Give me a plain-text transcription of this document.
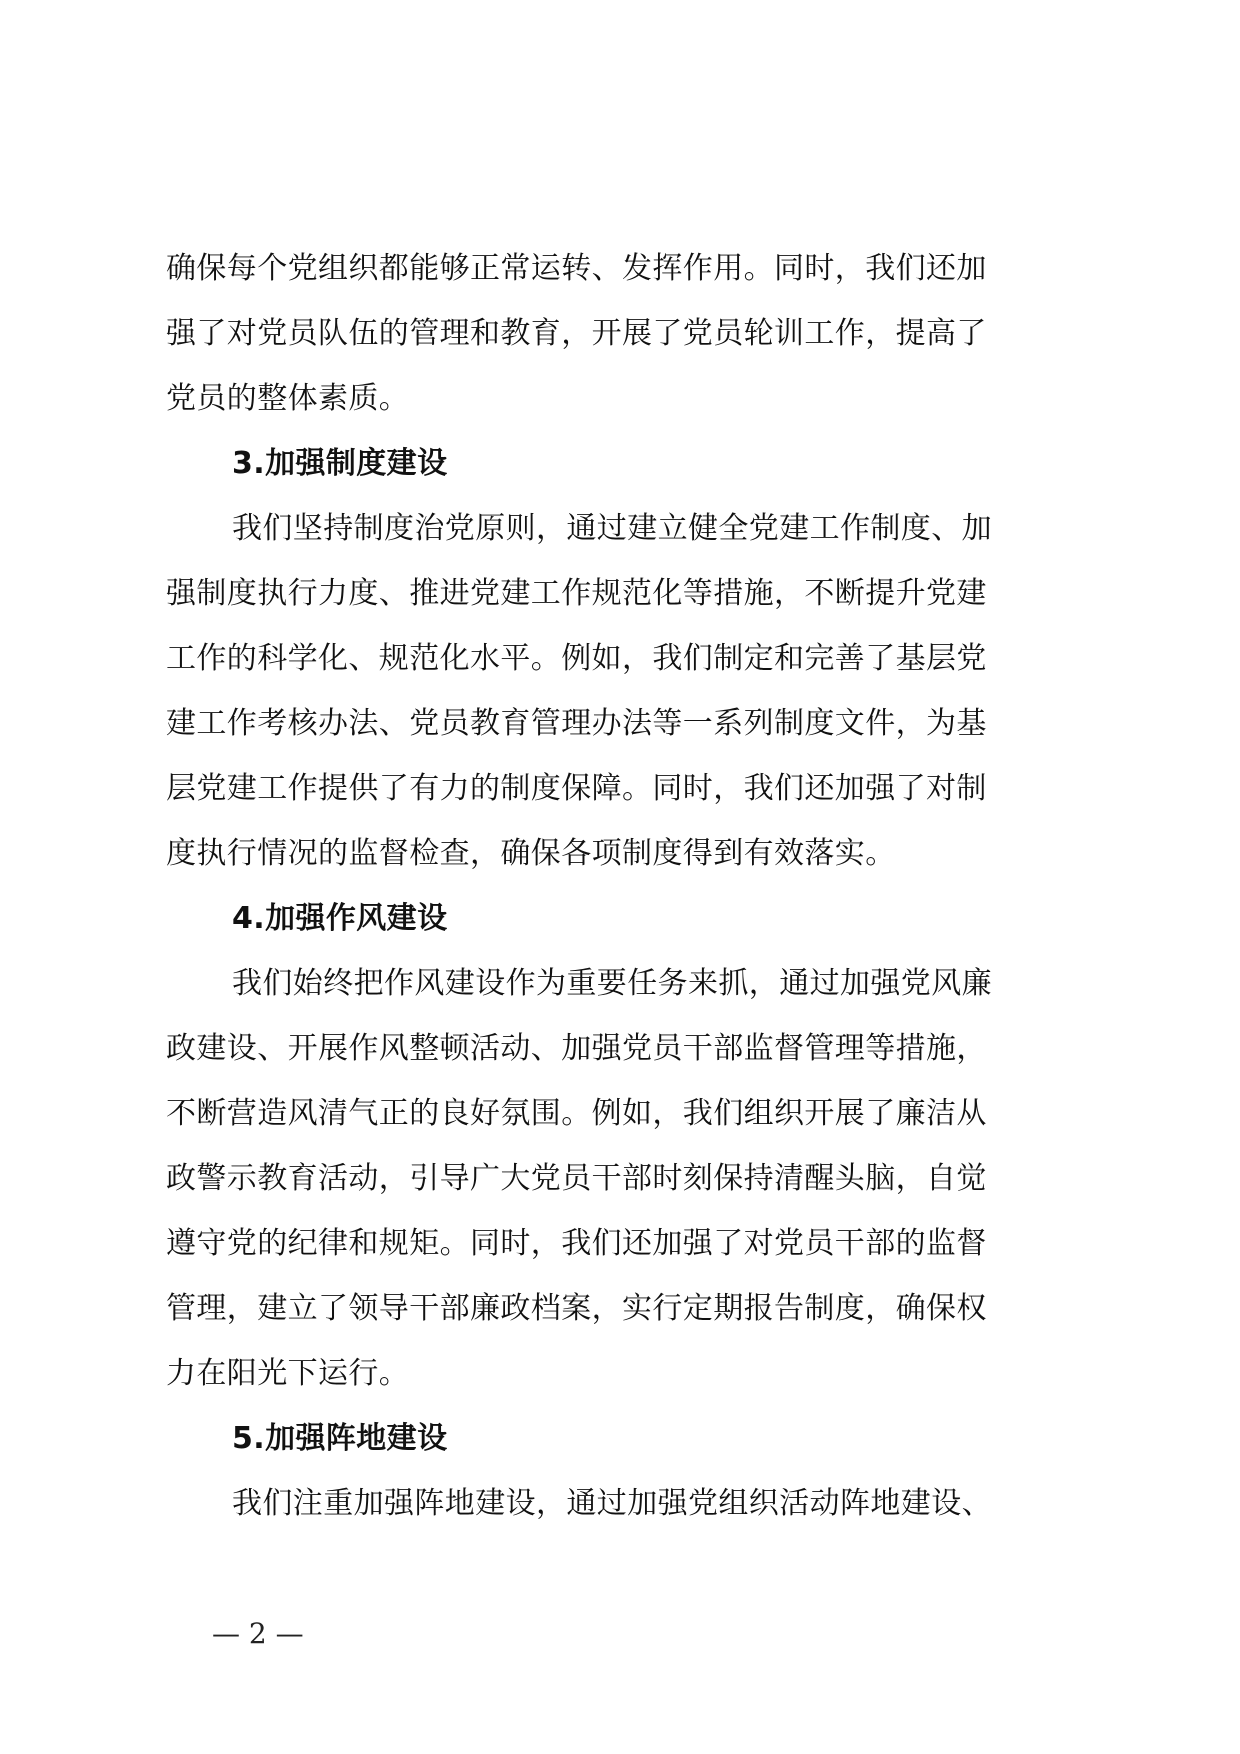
确保每个党组织都能够正常运转、发挥作用。同时，我们还加
强了对党员队伍的管理和教育，开展了党员轮训工作，提高了
党员的整体素质。
3.加强制度建设
我们坚持制度治党原则，通过建立健全党建工作制度、加
强制度执行力度、推进党建工作规范化等措施，不断提升党建
工作的科学化、规范化水平。例如，我们制定和完善了基层党
建工作考核办法、党员教育管理办法等一系列制度文件，为基
层党建工作提供了有力的制度保障。同时，我们还加强了对制
度执行情况的监督检查，确保各项制度得到有效落实。
4.加强作风建设
我们始终把作风建设作为重要任务来抓，通过加强党风廉
政建设、开展作风整顿活动、加强党员干部监督管理等措施，
不断营造风清气正的良好氛围。例如，我们组织开展了廉洁从
政警示教育活动，引导广大党员干部时刻保持清醒头脑，自觉
遵守党的纪律和规矩。同时，我们还加强了对党员干部的监督
管理，建立了领导干部廉政档案，实行定期报告制度，确保权
力在阳光下运行。
5.加强阵地建设
我们注重加强阵地建设，通过加强党组织活动阵地建设、
— 2 —
